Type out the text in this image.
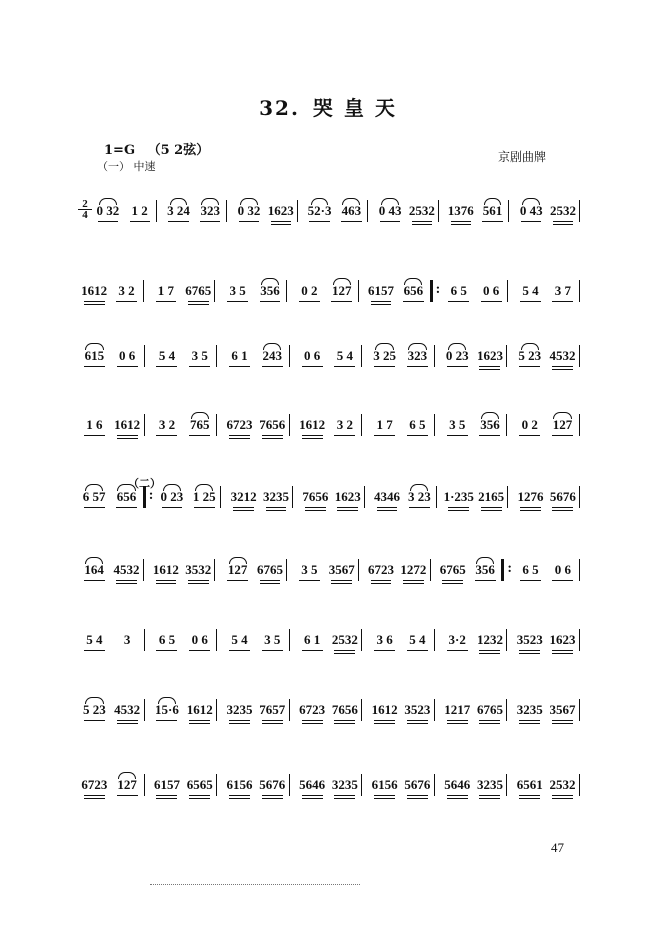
32. 哭 皇 天
1=G （5 2弦）
（一） 中速
京剧曲牌
2
4 0 32 1 2	3 24 323	0 32 1623	52·3 463	0 43 2532 1376 561	0 43 2532
1612 3 2	1 7 6765	3 5	356	0 2	127	6157 656 :	6 5	0 6	5 4	3 7
615	0 6	5 4	3 5	6 1	243	0 6	5 4	3 25 323	0 23 1623	5 23 4532
1 6 1612	3 2	765	6723 7656 1612 3 2	1 7	6 5	3 5	356	0 2	127
6 57 656 :	0 23 1 25	3212 3235 7656 1623 4346 3 23 1·235 2165 1276 5676
164 4532 1612 3532	127 6765	3 5 3567 6723 1272 6765 356 :	6 5	0 6
5 4	3	6 5	0 6	5 4	3 5	6 1 2532	3 6	5 4	3·2 1232 3523 1623
5 23 4532	15·6 1612 3235 7657 6723 7656 1612 3523 1217 6765 3235 3567
6723 127	6157 6565 6156 5676 5646 3235 6156 5676 5646 3235 6561 2532
（二）
47
